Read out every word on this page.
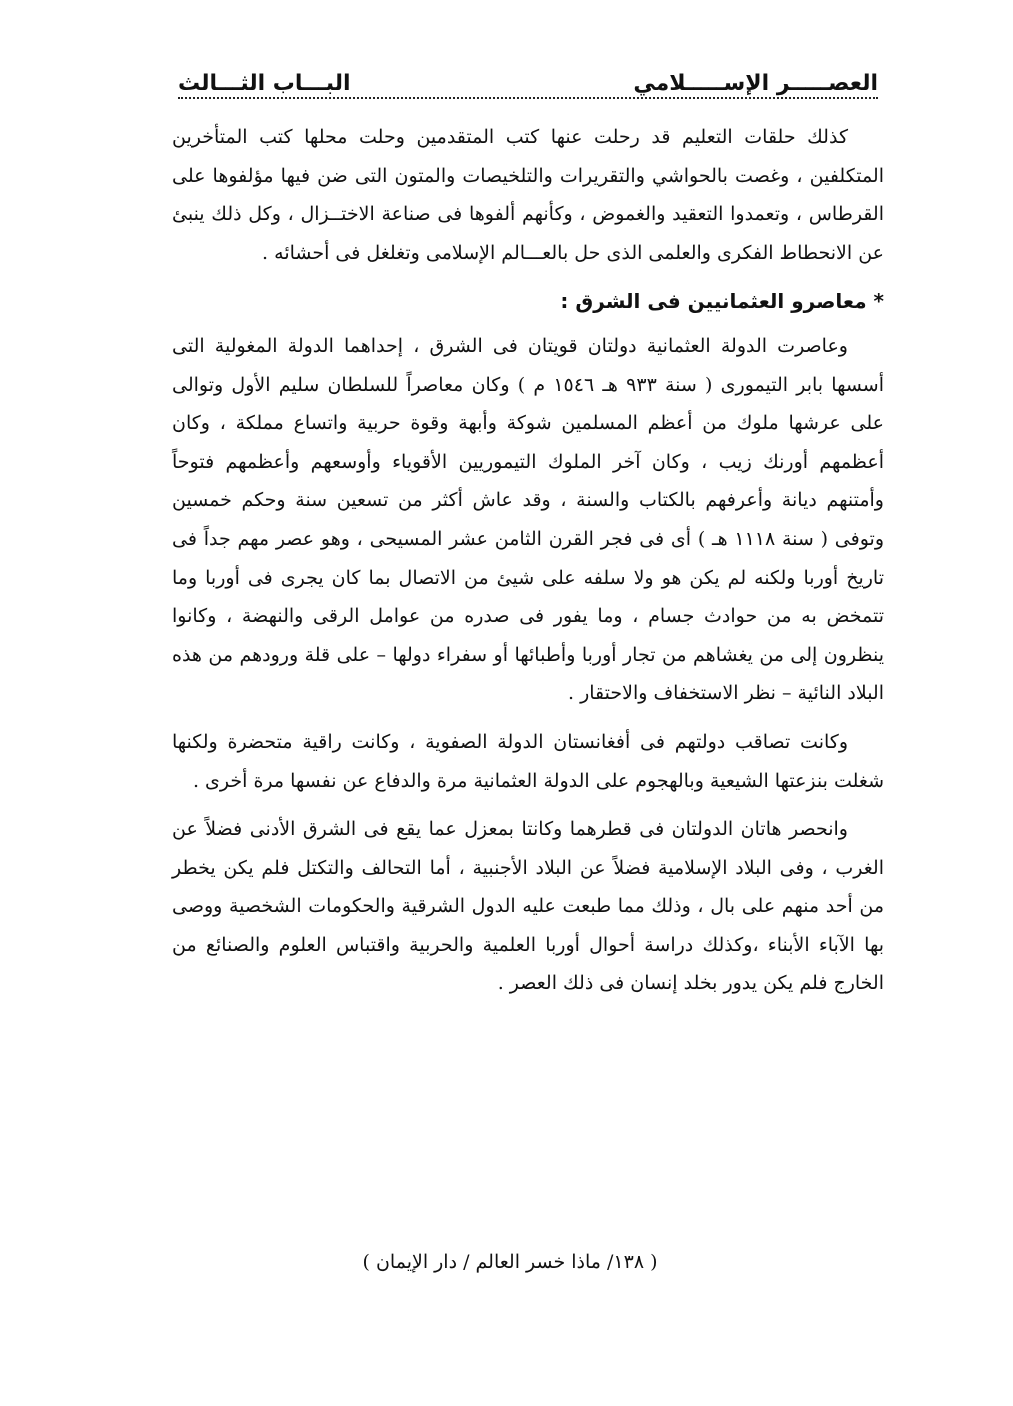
العصـــــر الإســـــلامي
البـــاب الثـــالث

كذلك حلقات التعليم قد رحلت عنها كتب المتقدمين وحلت محلها كتب المتأخرين المتكلفين ، وغصت بالحواشي والتقريرات والتلخيصات والمتون التى ضن فيها مؤلفوها على القرطاس ، وتعمدوا التعقيد والغموض ، وكأنهم ألفوها فى صناعة الاختــزال ، وكل ذلك ينبئ عن الانحطاط الفكرى والعلمى الذى حل بالعـــالم الإسلامى وتغلغل فى أحشائه .

* معاصرو العثمانيين فى الشرق :

وعاصرت الدولة العثمانية دولتان قويتان فى الشرق ، إحداهما الدولة المغولية التى أسسها بابر التيمورى ( سنة ٩٣٣ هـ ١٥٤٦ م ) وكان معاصراً للسلطان سليم الأول وتوالى على عرشها ملوك من أعظم المسلمين شوكة وأبهة وقوة حربية واتساع مملكة ، وكان أعظمهم أورنك زيب ، وكان آخر الملوك التيموريين الأقوياء وأوسعهم وأعظمهم فتوحاً وأمتنهم ديانة وأعرفهم بالكتاب والسنة ، وقد عاش أكثر من تسعين سنة وحكم خمسين وتوفى ( سنة ١١١٨ هـ ) أى فى فجر القرن الثامن عشر المسيحى ، وهو عصر مهم جداً فى تاريخ أوربا ولكنه لم يكن هو ولا سلفه على شيئ من الاتصال بما كان يجرى فى أوربا وما تتمخض به من حوادث جسام ، وما يفور فى صدره من عوامل الرقى والنهضة ، وكانوا ينظرون إلى من يغشاهم من تجار أوربا وأطبائها أو سفراء دولها – على قلة ورودهم من هذه البلاد النائية – نظر الاستخفاف والاحتقار .

وكانت تصاقب دولتهم فى أفغانستان الدولة الصفوية ، وكانت راقية متحضرة ولكنها شغلت بنزعتها الشيعية وبالهجوم على الدولة العثمانية مرة والدفاع عن نفسها مرة أخرى .

وانحصر هاتان الدولتان فى قطرهما وكانتا بمعزل عما يقع فى الشرق الأدنى فضلاً عن الغرب ، وفى البلاد الإسلامية فضلاً عن البلاد الأجنبية ، أما التحالف والتكتل فلم يكن يخطر من أحد منهم على بال ، وذلك مما طبعت عليه الدول الشرقية والحكومات الشخصية ووصى بها الآباء الأبناء ،وكذلك دراسة أحوال أوربا العلمية والحربية واقتباس العلوم والصنائع من الخارج فلم يكن يدور بخلد إنسان فى ذلك العصر .

( ١٣٨/ ماذا خسر العالم / دار الإيمان )
